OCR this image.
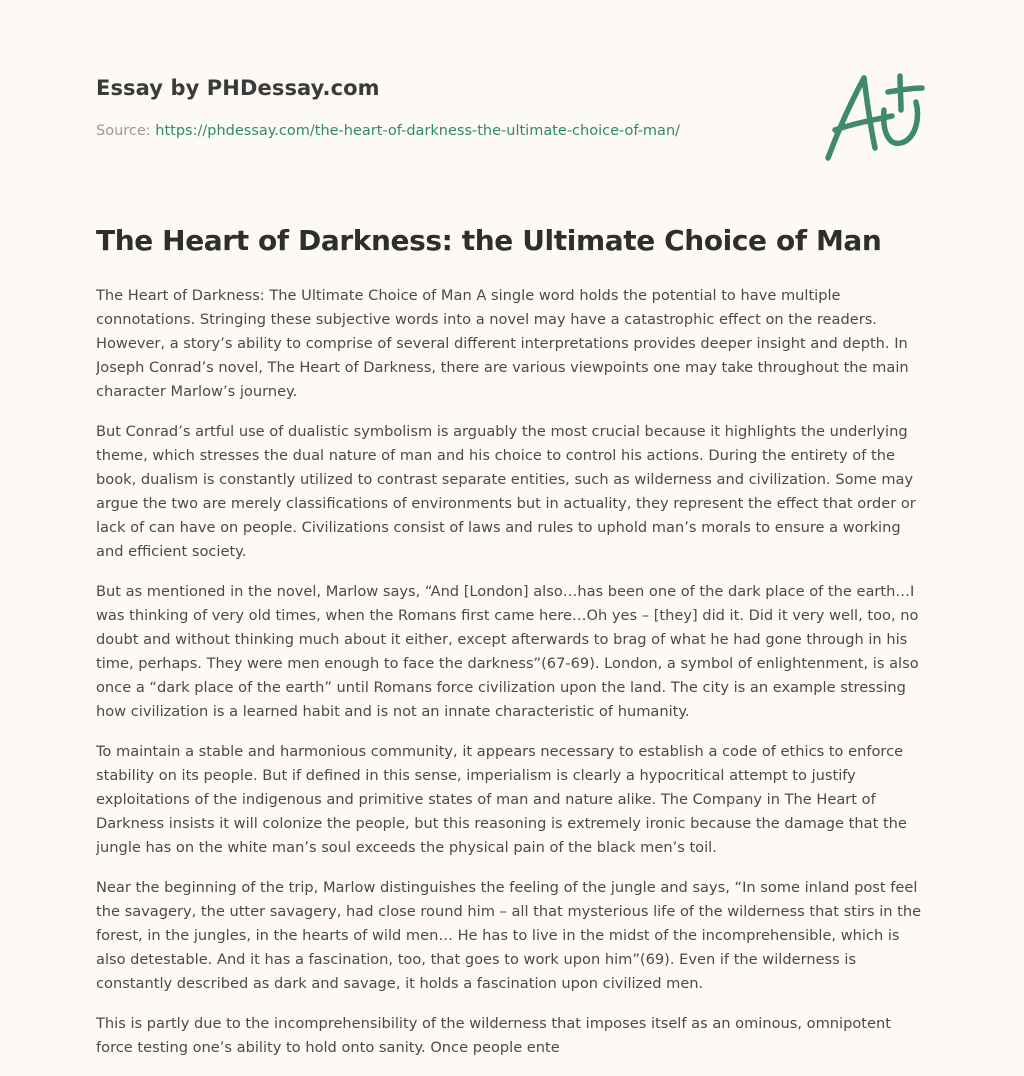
Essay by PHDessay.com
Source: https://phdessay.com/the-heart-of-darkness-the-ultimate-choice-of-man/
The Heart of Darkness: the Ultimate Choice of Man

The Heart of Darkness: The Ultimate Choice of Man A single word holds the potential to have multiple connotations. Stringing these subjective words into a novel may have a catastrophic effect on the readers. However, a story’s ability to comprise of several different interpretations provides deeper insight and depth. In Joseph Conrad’s novel, The Heart of Darkness, there are various viewpoints one may take throughout the main character Marlow’s journey.

But Conrad’s artful use of dualistic symbolism is arguably the most crucial because it highlights the underlying theme, which stresses the dual nature of man and his choice to control his actions. During the entirety of the book, dualism is constantly utilized to contrast separate entities, such as wilderness and civilization. Some may argue the two are merely classifications of environments but in actuality, they represent the effect that order or lack of can have on people. Civilizations consist of laws and rules to uphold man’s morals to ensure a working and efficient society.

But as mentioned in the novel, Marlow says, “And [London] also…has been one of the dark place of the earth…I was thinking of very old times, when the Romans first came here…Oh yes – [they] did it. Did it very well, too, no doubt and without thinking much about it either, except afterwards to brag of what he had gone through in his time, perhaps. They were men enough to face the darkness”(67-69). London, a symbol of enlightenment, is also once a “dark place of the earth” until Romans force civilization upon the land. The city is an example stressing how civilization is a learned habit and is not an innate characteristic of humanity.

To maintain a stable and harmonious community, it appears necessary to establish a code of ethics to enforce stability on its people. But if defined in this sense, imperialism is clearly a hypocritical attempt to justify exploitations of the indigenous and primitive states of man and nature alike. The Company in The Heart of Darkness insists it will colonize the people, but this reasoning is extremely ironic because the damage that the jungle has on the white man’s soul exceeds the physical pain of the black men’s toil.

Near the beginning of the trip, Marlow distinguishes the feeling of the jungle and says, “In some inland post feel the savagery, the utter savagery, had close round him – all that mysterious life of the wilderness that stirs in the forest, in the jungles, in the hearts of wild men… He has to live in the midst of the incomprehensible, which is also detestable. And it has a fascination, too, that goes to work upon him”(69). Even if the wilderness is constantly described as dark and savage, it holds a fascination upon civilized men.

This is partly due to the incomprehensibility of the wilderness that imposes itself as an ominous, omnipotent force testing one’s ability to hold onto sanity. Once people ente
